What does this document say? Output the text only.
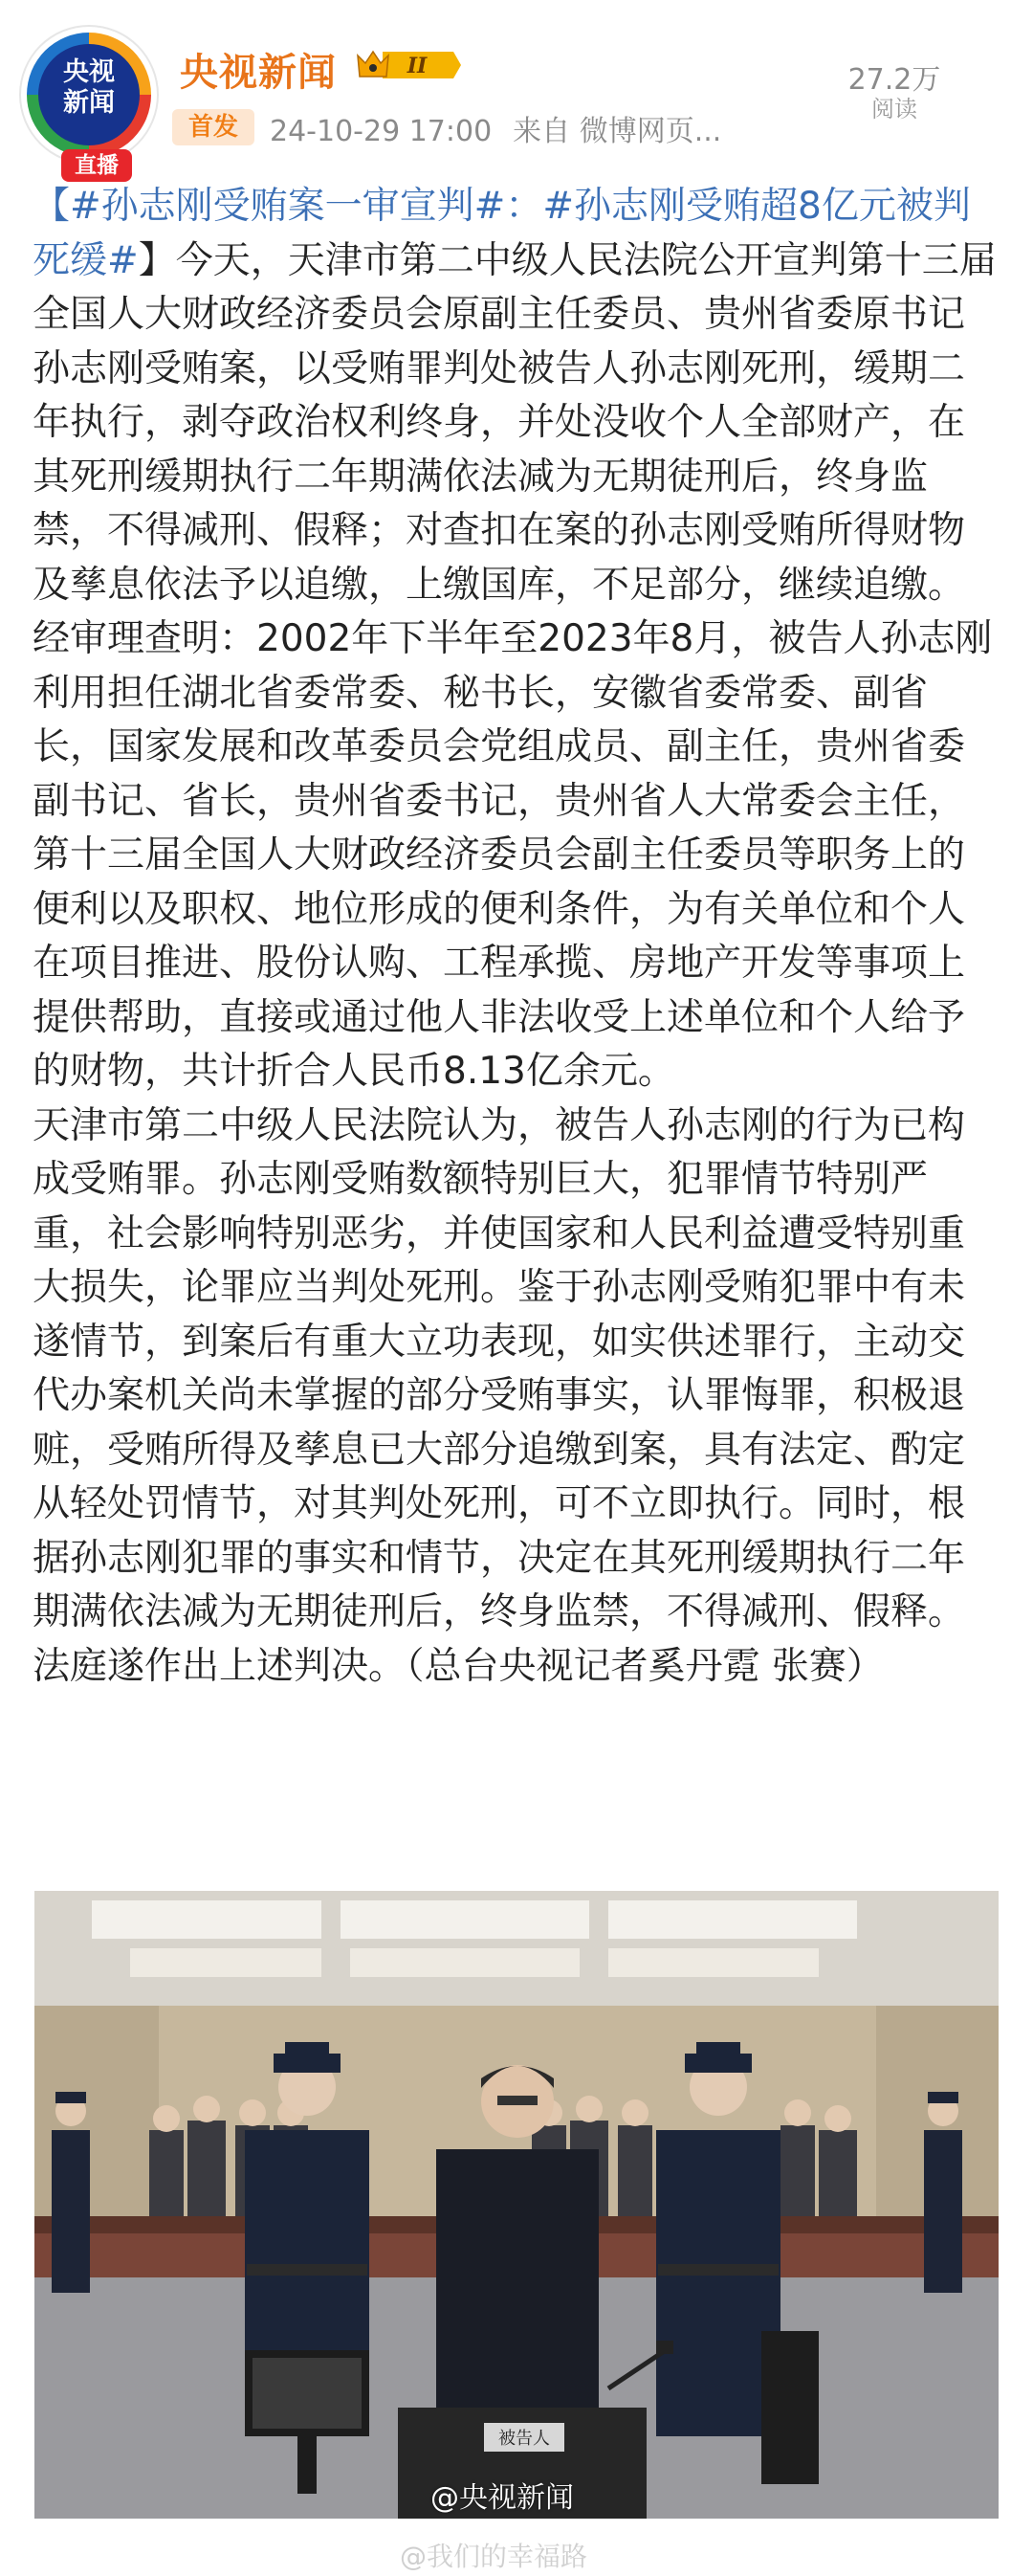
央视
新闻
直播
央视新闻	II
首发	24-10-29 17:00 来自 微博网页...
27.2万
阅读

【#孙志刚受贿案一审宣判#：#孙志刚受贿超8亿元被判死缓#】今天，天津市第二中级人民法院公开宣判第十三届全国人大财政经济委员会原副主任委员、贵州省委原书记孙志刚受贿案，以受贿罪判处被告人孙志刚死刑，缓期二年执行，剥夺政治权利终身，并处没收个人全部财产，在其死刑缓期执行二年期满依法减为无期徒刑后，终身监禁，不得减刑、假释；对查扣在案的孙志刚受贿所得财物及孳息依法予以追缴，上缴国库，不足部分，继续追缴。

经审理查明：2002年下半年至2023年8月，被告人孙志刚利用担任湖北省委常委、秘书长，安徽省委常委、副省长，国家发展和改革委员会党组成员、副主任，贵州省委副书记、省长，贵州省委书记，贵州省人大常委会主任，第十三届全国人大财政经济委员会副主任委员等职务上的便利以及职权、地位形成的便利条件，为有关单位和个人在项目推进、股份认购、工程承揽、房地产开发等事项上提供帮助，直接或通过他人非法收受上述单位和个人给予的财物，共计折合人民币8.13亿余元。

天津市第二中级人民法院认为，被告人孙志刚的行为已构成受贿罪。孙志刚受贿数额特别巨大，犯罪情节特别严重，社会影响特别恶劣，并使国家和人民利益遭受特别重大损失，论罪应当判处死刑。鉴于孙志刚受贿犯罪中有未遂情节，到案后有重大立功表现，如实供述罪行，主动交代办案机关尚未掌握的部分受贿事实，认罪悔罪，积极退赃，受贿所得及孳息已大部分追缴到案，具有法定、酌定从轻处罚情节，对其判处死刑，可不立即执行。同时，根据孙志刚犯罪的事实和情节，决定在其死刑缓期执行二年期满依法减为无期徒刑后，终身监禁，不得减刑、假释。法庭遂作出上述判决。（总台央视记者奚丹霓 张赛）

被告人
@央视新闻
@我们的幸福路
